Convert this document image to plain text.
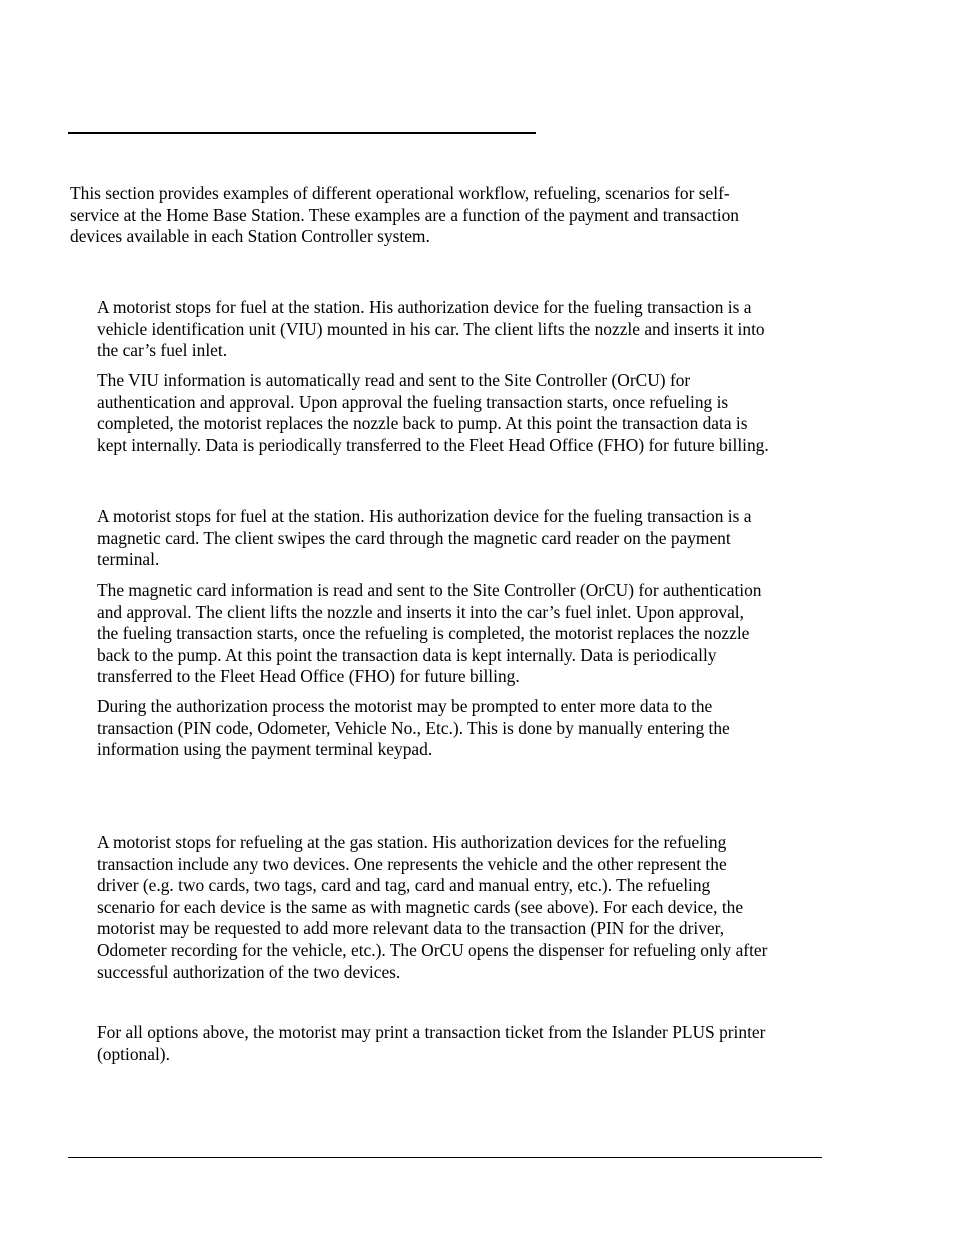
This section provides examples of different operational workflow, refueling, scenarios for self-
service at the Home Base Station. These examples are a function of the payment and transaction
devices available in each Station Controller system.

A motorist stops for fuel at the station. His authorization device for the fueling transaction is a
vehicle identification unit (VIU) mounted in his car. The client lifts the nozzle and inserts it into
the car’s fuel inlet.

The VIU information is automatically read and sent to the Site Controller (OrCU) for
authentication and approval. Upon approval the fueling transaction starts, once refueling is
completed, the motorist replaces the nozzle back to pump. At this point the transaction data is
kept internally. Data is periodically transferred to the Fleet Head Office (FHO) for future billing.

A motorist stops for fuel at the station. His authorization device for the fueling transaction is a
magnetic card. The client swipes the card through the magnetic card reader on the payment
terminal.

The magnetic card information is read and sent to the Site Controller (OrCU) for authentication
and approval. The client lifts the nozzle and inserts it into the car’s fuel inlet. Upon approval,
the fueling transaction starts, once the refueling is completed, the motorist replaces the nozzle
back to the pump. At this point the transaction data is kept internally. Data is periodically
transferred to the Fleet Head Office (FHO) for future billing.

During the authorization process the motorist may be prompted to enter more data to the
transaction (PIN code, Odometer, Vehicle No., Etc.). This is done by manually entering the
information using the payment terminal keypad.

A motorist stops for refueling at the gas station. His authorization devices for the refueling
transaction include any two devices. One represents the vehicle and the other represent the
driver (e.g. two cards, two tags, card and tag, card and manual entry, etc.). The refueling
scenario for each device is the same as with magnetic cards (see above). For each device, the
motorist may be requested to add more relevant data to the transaction (PIN for the driver,
Odometer recording for the vehicle, etc.). The OrCU opens the dispenser for refueling only after
successful authorization of the two devices.

For all options above, the motorist may print a transaction ticket from the Islander PLUS printer
(optional).
